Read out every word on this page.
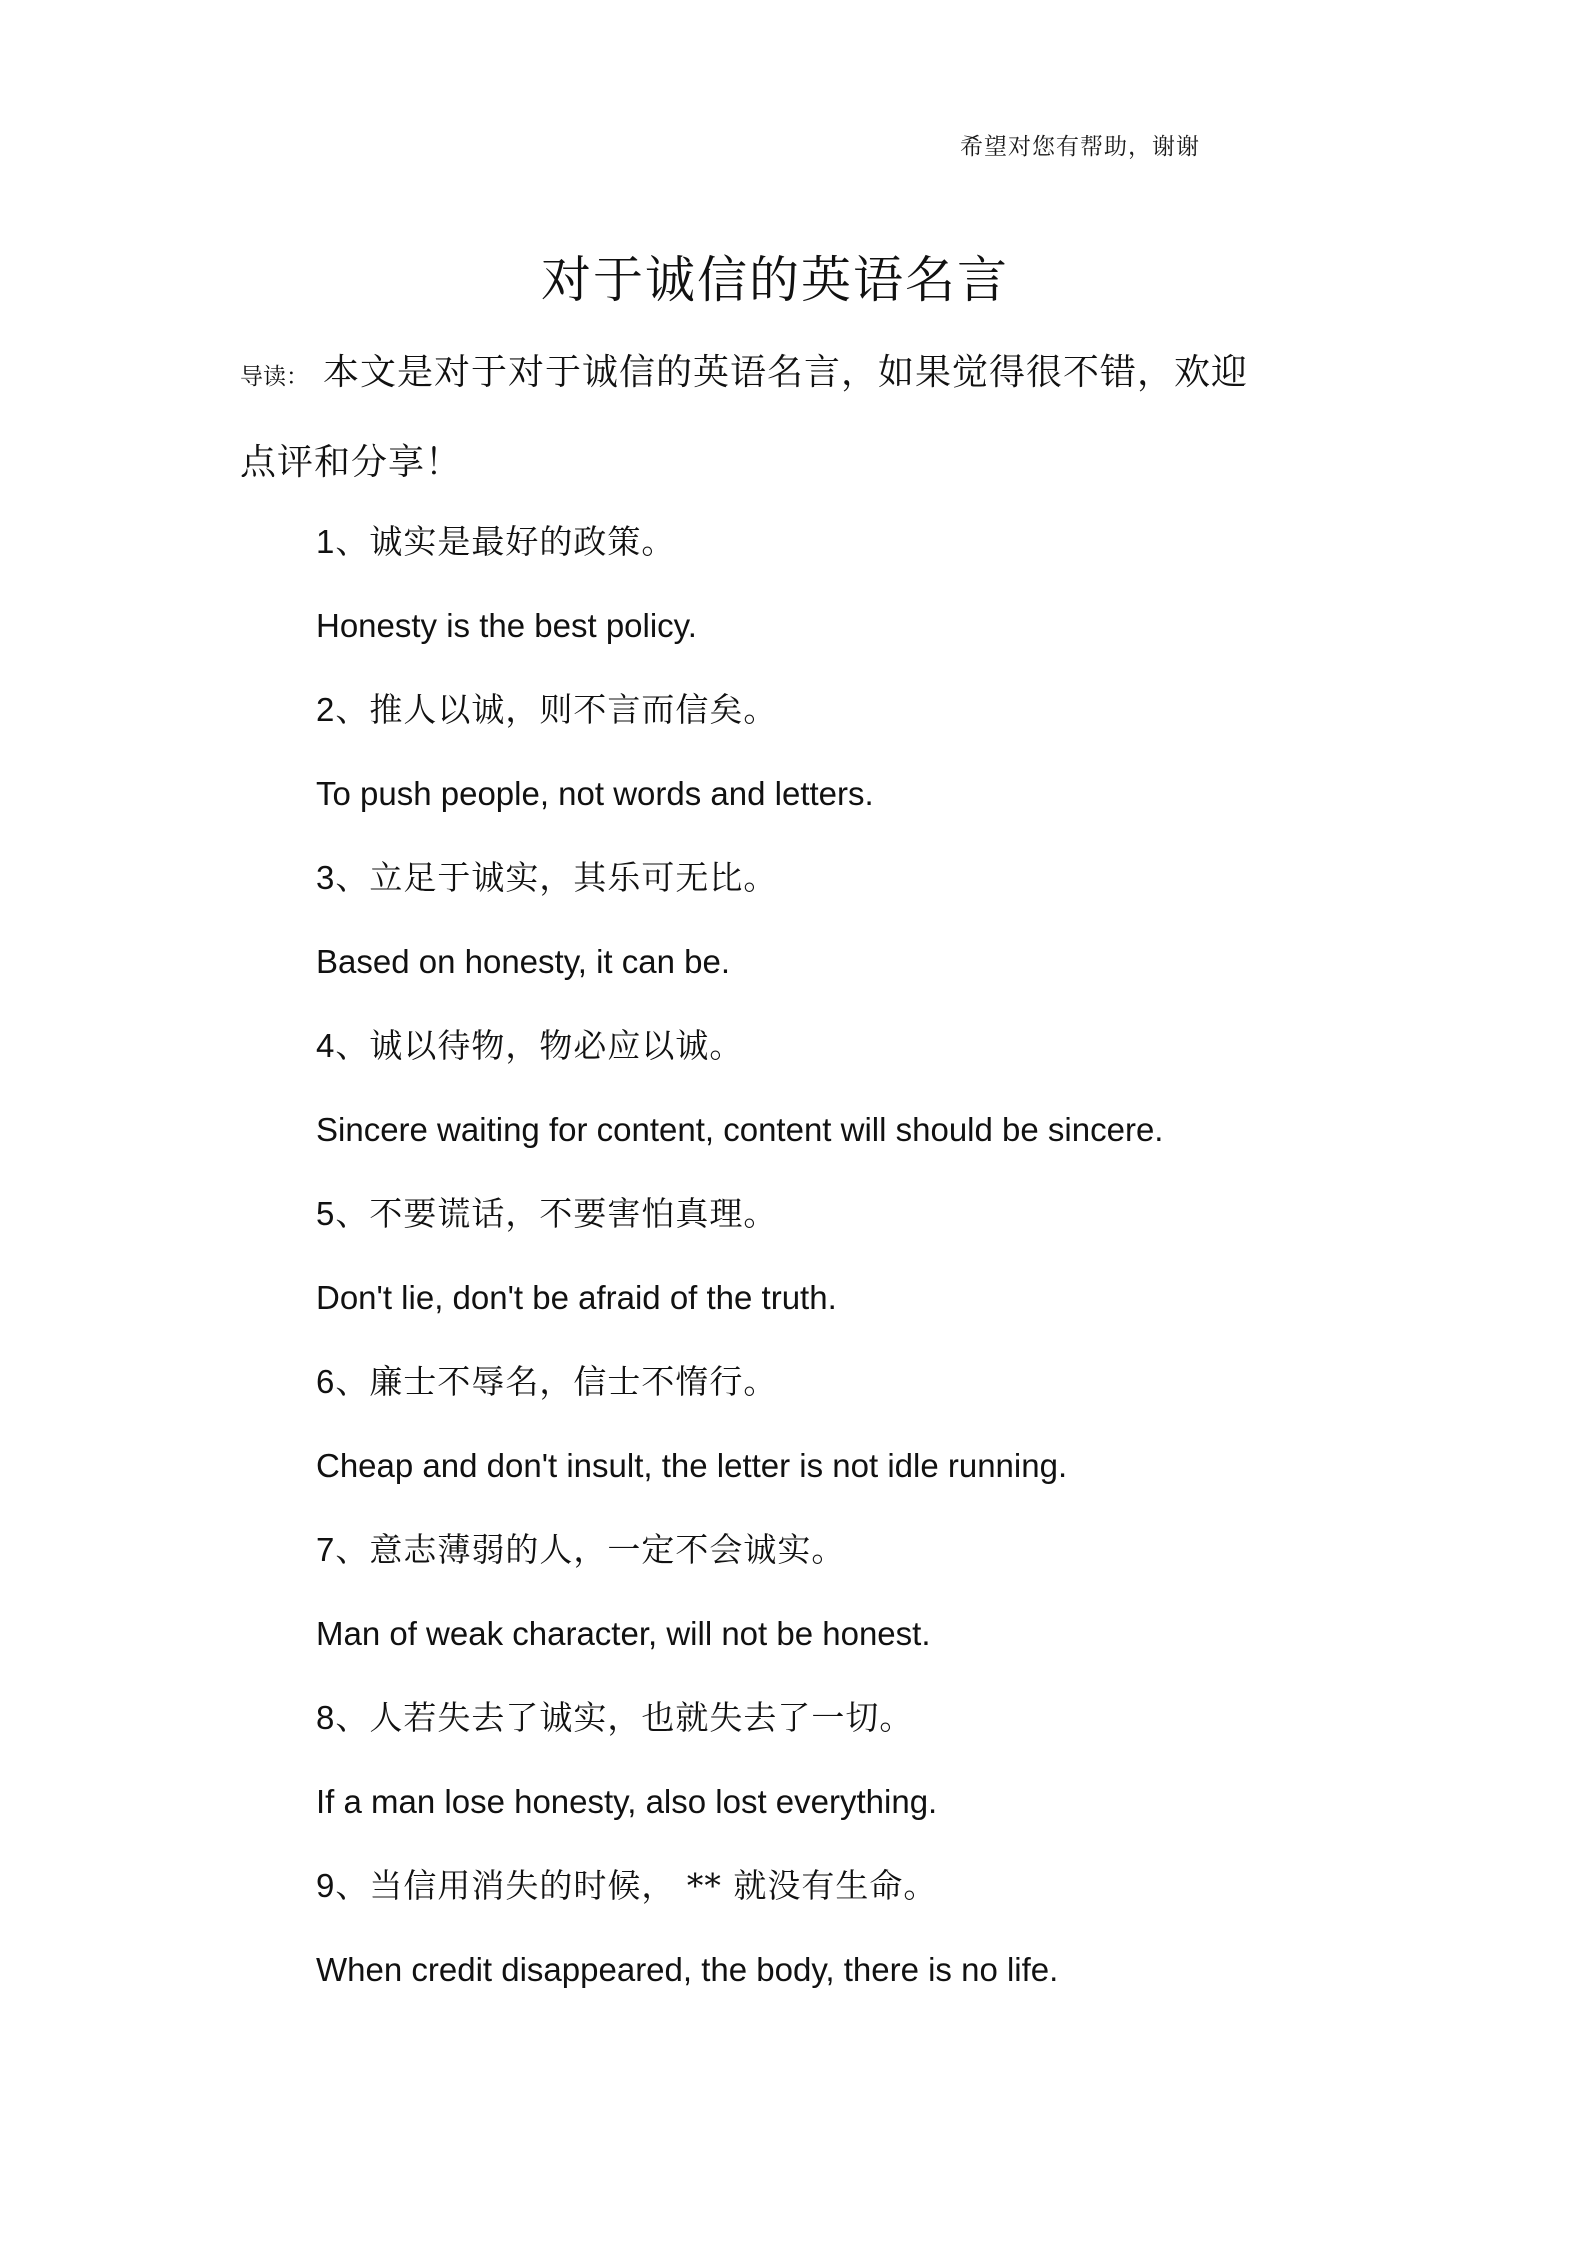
希望对您有帮助，谢谢
对于诚信的英语名言

导读： 本文是对于对于诚信的英语名言，如果觉得很不错，欢迎点评和分享！

1、诚实是最好的政策。
Honesty is the best policy.
2、推人以诚，则不言而信矣。
To push people, not words and letters.
3、立足于诚实，其乐可无比。
Based on honesty, it can be.
4、诚以待物，物必应以诚。
Sincere waiting for content, content will should be sincere.
5、不要谎话，不要害怕真理。
Don't lie, don't be afraid of the truth.
6、廉士不辱名，信士不惰行。
Cheap and don't insult, the letter is not idle running.
7、意志薄弱的人，一定不会诚实。
Man of weak character, will not be honest.
8、人若失去了诚实，也就失去了一切。
If a man lose honesty, also lost everything.
9、当信用消失的时候， ** 就没有生命。
When credit disappeared, the body, there is no life.
